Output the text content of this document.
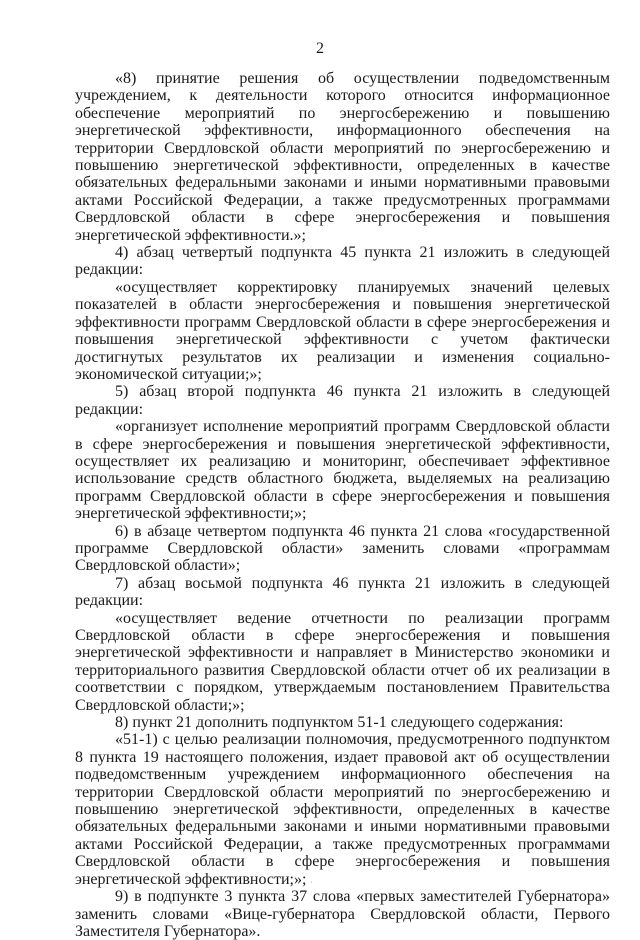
2

«8) принятие решения об осуществлении подведомственным учреждением, к деятельности которого относится информационное обеспечение мероприятий по энергосбережению и повышению энергетической эффективности, информационного обеспечения на территории Свердловской области мероприятий по энергосбережению и повышению энергетической эффективности, определенных в качестве обязательных федеральными законами и иными нормативными правовыми актами Российской Федерации, а также предусмотренных программами Свердловской области в сфере энергосбережения и повышения энергетической эффективности.»;

4) абзац четвертый подпункта 45 пункта 21 изложить в следующей редакции:

«осуществляет корректировку планируемых значений целевых показателей в области энергосбережения и повышения энергетической эффективности программ Свердловской области в сфере энергосбережения и повышения энергетической эффективности с учетом фактически достигнутых результатов их реализации и изменения социально-экономической ситуации;»;

5) абзац второй подпункта 46 пункта 21 изложить в следующей редакции:

«организует исполнение мероприятий программ Свердловской области в сфере энергосбережения и повышения энергетической эффективности, осуществляет их реализацию и мониторинг, обеспечивает эффективное использование средств областного бюджета, выделяемых на реализацию программ Свердловской области в сфере энергосбережения и повышения энергетической эффективности;»;

6) в абзаце четвертом подпункта 46 пункта 21 слова «государственной программе Свердловской области» заменить словами «программам Свердловской области»;

7) абзац восьмой подпункта 46 пункта 21 изложить в следующей редакции:

«осуществляет ведение отчетности по реализации программ Свердловской области в сфере энергосбережения и повышения энергетической эффективности и направляет в Министерство экономики и территориального развития Свердловской области отчет об их реализации в соответствии с порядком, утверждаемым постановлением Правительства Свердловской области;»;

8) пункт 21 дополнить подпунктом 51-1 следующего содержания:

«51-1) с целью реализации полномочия, предусмотренного подпунктом 8 пункта 19 настоящего положения, издает правовой акт об осуществлении подведомственным учреждением информационного обеспечения на территории Свердловской области мероприятий по энергосбережению и повышению энергетической эффективности, определенных в качестве обязательных федеральными законами и иными нормативными правовыми актами Российской Федерации, а также предусмотренных программами Свердловской области в сфере энергосбережения и повышения энергетической эффективности;»;

9) в подпункте 3 пункта 37 слова «первых заместителей Губернатора» заменить словами «Вице-губернатора Свердловской области, Первого Заместителя Губернатора».

·
